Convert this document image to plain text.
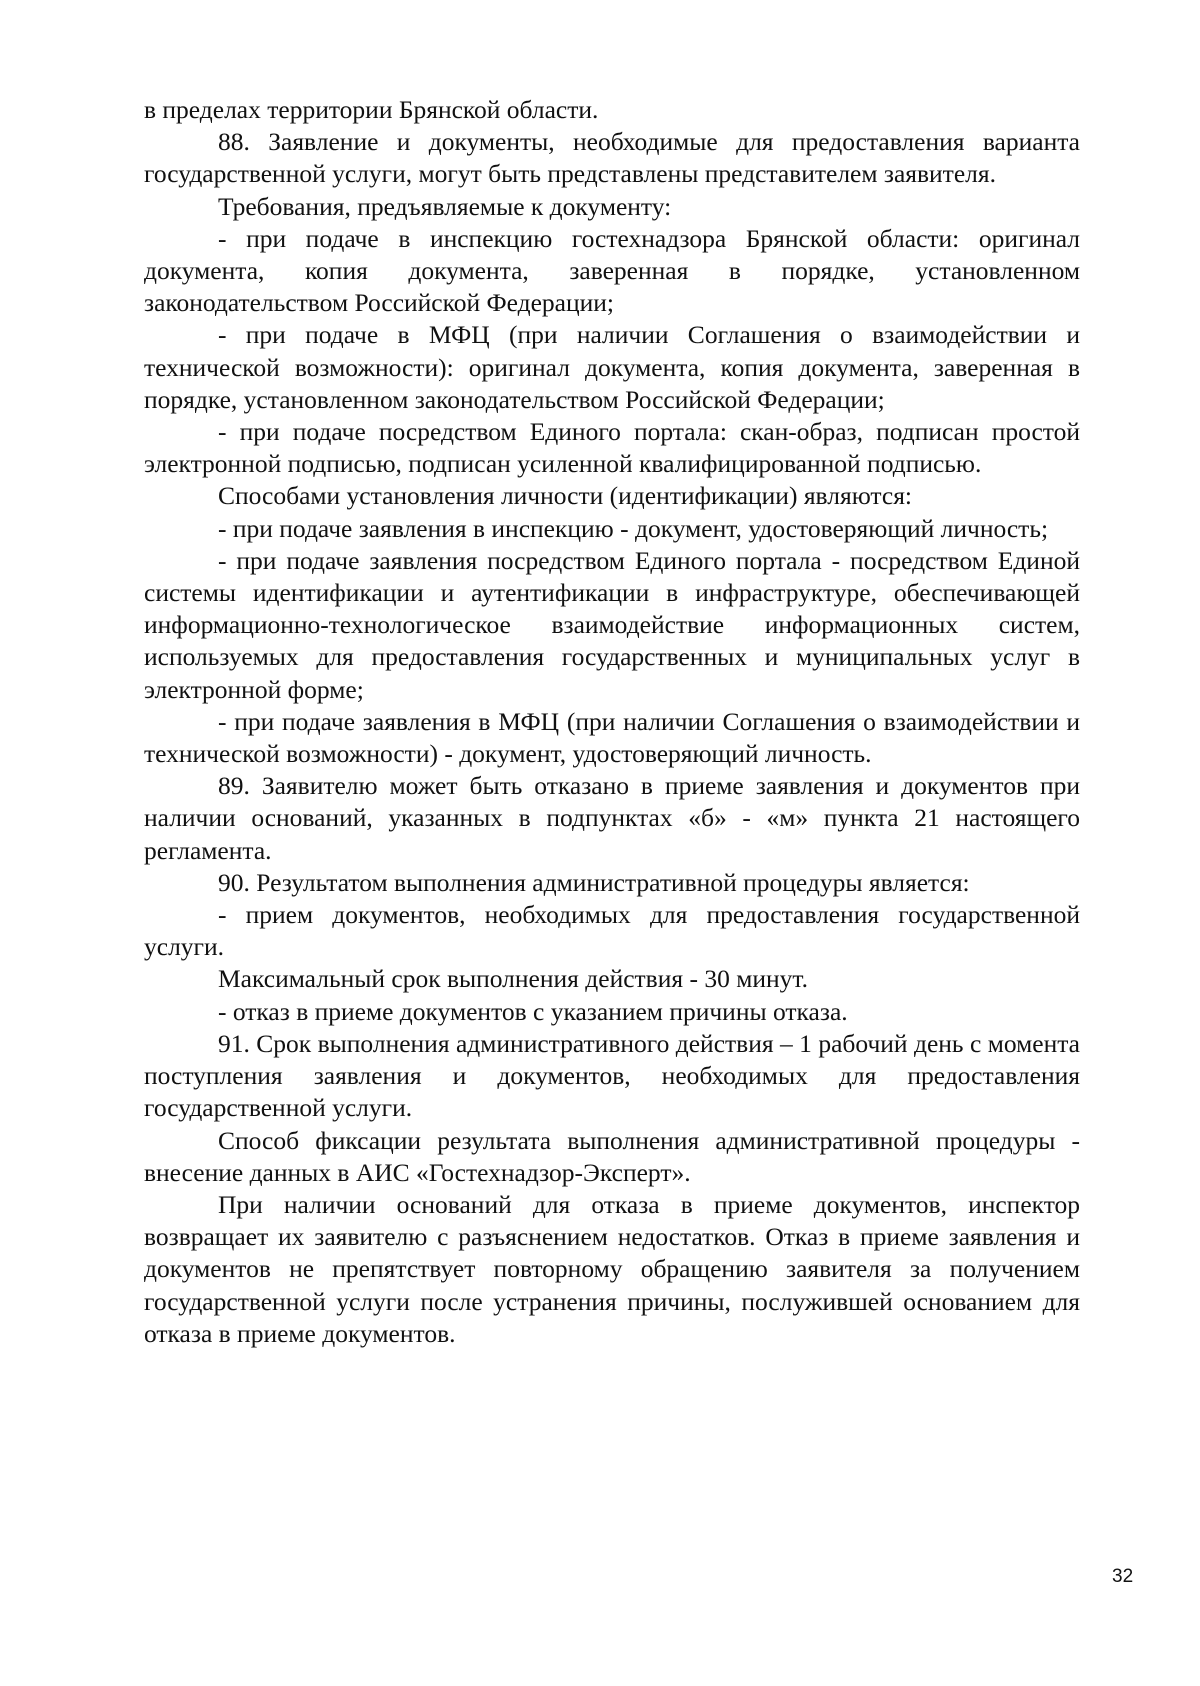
в пределах территории Брянской области.

88. Заявление и документы, необходимые для предоставления варианта государственной услуги, могут быть представлены представителем заявителя.

Требования, предъявляемые к документу:

- при подаче в инспекцию гостехнадзора Брянской области: оригинал документа, копия документа, заверенная в порядке, установленном законодательством Российской Федерации;

- при подаче в МФЦ (при наличии Соглашения о взаимодействии и технической возможности): оригинал документа, копия документа, заверенная в порядке, установленном законодательством Российской Федерации;

- при подаче посредством Единого портала: скан-образ, подписан простой электронной подписью, подписан усиленной квалифицированной подписью.

Способами установления личности (идентификации) являются:

- при подаче заявления в инспекцию - документ, удостоверяющий личность;

- при подаче заявления посредством Единого портала - посредством Единой системы идентификации и аутентификации в инфраструктуре, обеспечивающей информационно-технологическое взаимодействие информационных систем, используемых для предоставления государственных и муниципальных услуг в электронной форме;

- при подаче заявления в МФЦ (при наличии Соглашения о взаимодействии и технической возможности) - документ, удостоверяющий личность.

89. Заявителю может быть отказано в приеме заявления и документов при наличии оснований, указанных в подпунктах «б» - «м» пункта 21 настоящего регламента.

90. Результатом выполнения административной процедуры является:

- прием документов, необходимых для предоставления государственной услуги.

Максимальный срок выполнения действия - 30 минут.

- отказ в приеме документов с указанием причины отказа.

91. Срок выполнения административного действия – 1 рабочий день с момента поступления заявления и документов, необходимых для предоставления государственной услуги.

Способ фиксации результата выполнения административной процедуры - внесение данных в АИС «Гостехнадзор-Эксперт».

При наличии оснований для отказа в приеме документов, инспектор возвращает их заявителю с разъяснением недостатков. Отказ в приеме заявления и документов не препятствует повторному обращению заявителя за получением государственной услуги после устранения причины, послужившей основанием для отказа в приеме документов.

32
